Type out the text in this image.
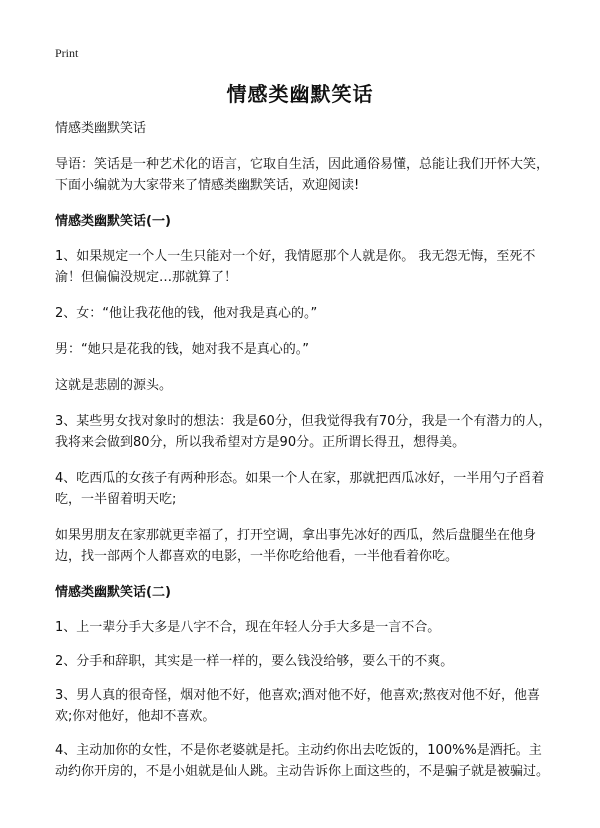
Print
情感类幽默笑话

情感类幽默笑话

导语：笑话是一种艺术化的语言，它取自生活，因此通俗易懂，总能让我们开怀大笑，下面小编就为大家带来了情感类幽默笑话，欢迎阅读!

情感类幽默笑话(一)

1、如果规定一个人一生只能对一个好，我情愿那个人就是你。 我无怨无悔，至死不渝！但偏偏没规定…那就算了！

2、女：“他让我花他的钱，他对我是真心的。”

男：“她只是花我的钱，她对我不是真心的。”

这就是悲剧的源头。

3、某些男女找对象时的想法：我是60分，但我觉得我有70分，我是一个有潜力的人，我将来会做到80分，所以我希望对方是90分。正所谓长得丑，想得美。

4、吃西瓜的女孩子有两种形态。如果一个人在家，那就把西瓜冰好，一半用勺子舀着吃，一半留着明天吃;

如果男朋友在家那就更幸福了，打开空调，拿出事先冰好的西瓜，然后盘腿坐在他身边，找一部两个人都喜欢的电影，一半你吃给他看，一半他看着你吃。

情感类幽默笑话(二)

1、上一辈分手大多是八字不合，现在年轻人分手大多是一言不合。

2、分手和辞职，其实是一样一样的，要么钱没给够，要么干的不爽。

3、男人真的很奇怪，烟对他不好，他喜欢;酒对他不好，他喜欢;熬夜对他不好，他喜欢;你对他好，他却不喜欢。

4、主动加你的女性，不是你老婆就是托。主动约你出去吃饭的，100%%是酒托。主动约你开房的，不是小姐就是仙人跳。主动告诉你上面这些的，不是骗子就是被骗过。
